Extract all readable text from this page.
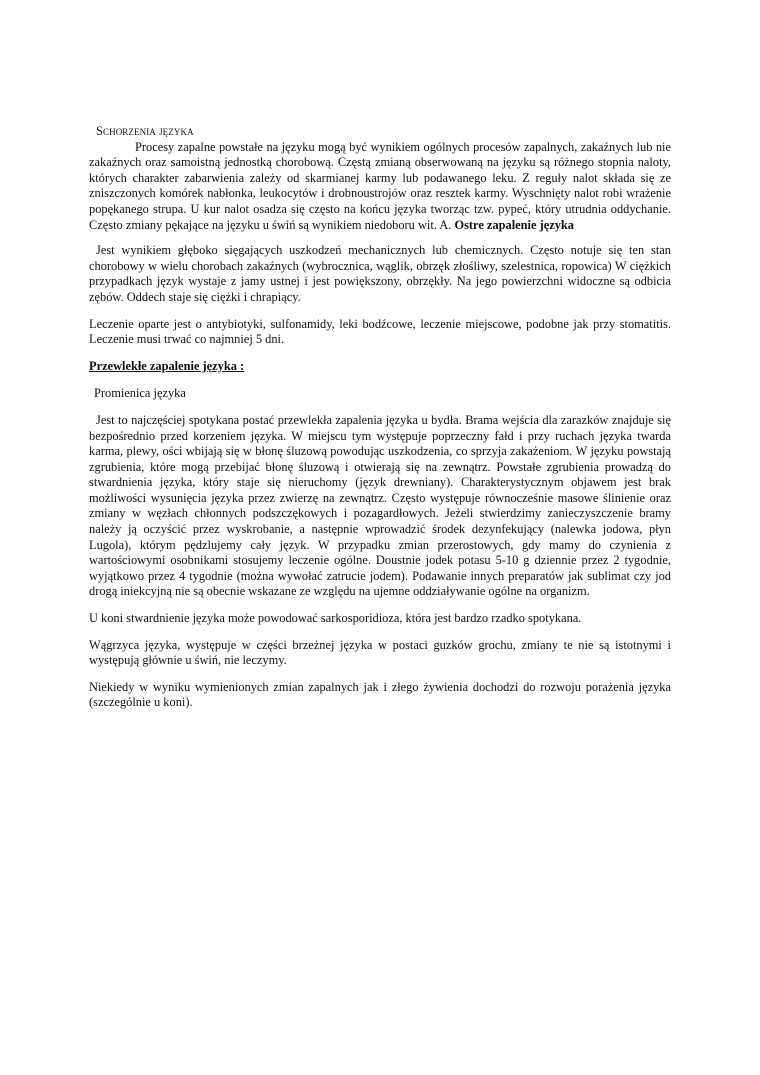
Schorzenia języka

Procesy zapalne powstałe na języku mogą być wynikiem ogólnych procesów zapalnych, zakaźnych lub nie zakaźnych oraz samoistną jednostką chorobową. Częstą zmianą obserwowaną na języku są różnego stopnia naloty, których charakter zabarwienia zależy od skarmianej karmy lub podawanego leku. Z reguły nalot składa się ze zniszczonych komórek nabłonka, leukocytów i drobnoustrojów oraz resztek karmy. Wyschnięty nalot robi wrażenie popękanego strupa. U kur nalot osadza się często na końcu języka tworząc tzw. pypeć, który utrudnia oddychanie. Często zmiany pękające na języku u świń są wynikiem niedoboru wit. A. Ostre zapalenie języka

Jest wynikiem głęboko sięgających uszkodzeń mechanicznych lub chemicznych. Często notuje się ten stan chorobowy w wielu chorobach zakaźnych (wybrocznica, wąglik, obrzęk złośliwy, szelestnica, ropowica) W ciężkich przypadkach język wystaje z jamy ustnej i jest powiększony, obrzękły. Na jego powierzchni widoczne są odbicia zębów. Oddech staje się ciężki i chrapiący.

Leczenie oparte jest o antybiotyki, sulfonamidy, leki bodźcowe, leczenie miejscowe, podobne jak przy stomatitis. Leczenie musi trwać co najmniej 5 dni.

Przewlekłe zapalenie języka :

Promienica języka

Jest to najczęściej spotykana postać przewlekła zapalenia języka u bydła. Brama wejścia dla zarazków znajduje się bezpośrednio przed korzeniem języka. W miejscu tym występuje poprzeczny fałd i przy ruchach języka twarda karma, plewy, ości wbijają się w błonę śluzową powodując uszkodzenia, co sprzyja zakażeniom. W języku powstają zgrubienia, które mogą przebijać błonę śluzową i otwierają się na zewnątrz. Powstałe zgrubienia prowadzą do stwardnienia języka, który staje się nieruchomy (język drewniany). Charakterystycznym objawem jest brak możliwości wysunięcia języka przez zwierzę na zewnątrz. Często występuje równocześnie masowe ślinienie oraz zmiany w węzłach chłonnych podszczękowych i pozagardłowych. Jeżeli stwierdzimy zanieczyszczenie bramy należy ją oczyścić przez wyskrobanie, a następnie wprowadzić środek dezynfekujący (nalewka jodowa, płyn Lugola), którym pędzlujemy cały język. W przypadku zmian przerostowych, gdy mamy do czynienia z wartościowymi osobnikami stosujemy leczenie ogólne. Doustnie jodek potasu 5-10 g dziennie przez 2 tygodnie, wyjątkowo przez 4 tygodnie (można wywołać zatrucie jodem). Podawanie innych preparatów jak sublimat czy jod drogą iniekcyjną nie są obecnie wskazane ze względu na ujemne oddziaływanie ogólne na organizm.

U koni stwardnienie języka może powodować sarkosporidioza, która jest bardzo rzadko spotykana.

Wągrzyca języka, występuje w części brzeżnej języka w postaci guzków grochu, zmiany te nie są istotnymi i występują głównie u świń, nie leczymy.

Niekiedy w wyniku wymienionych zmian zapalnych jak i złego żywienia dochodzi do rozwoju porażenia języka (szczególnie u koni).
